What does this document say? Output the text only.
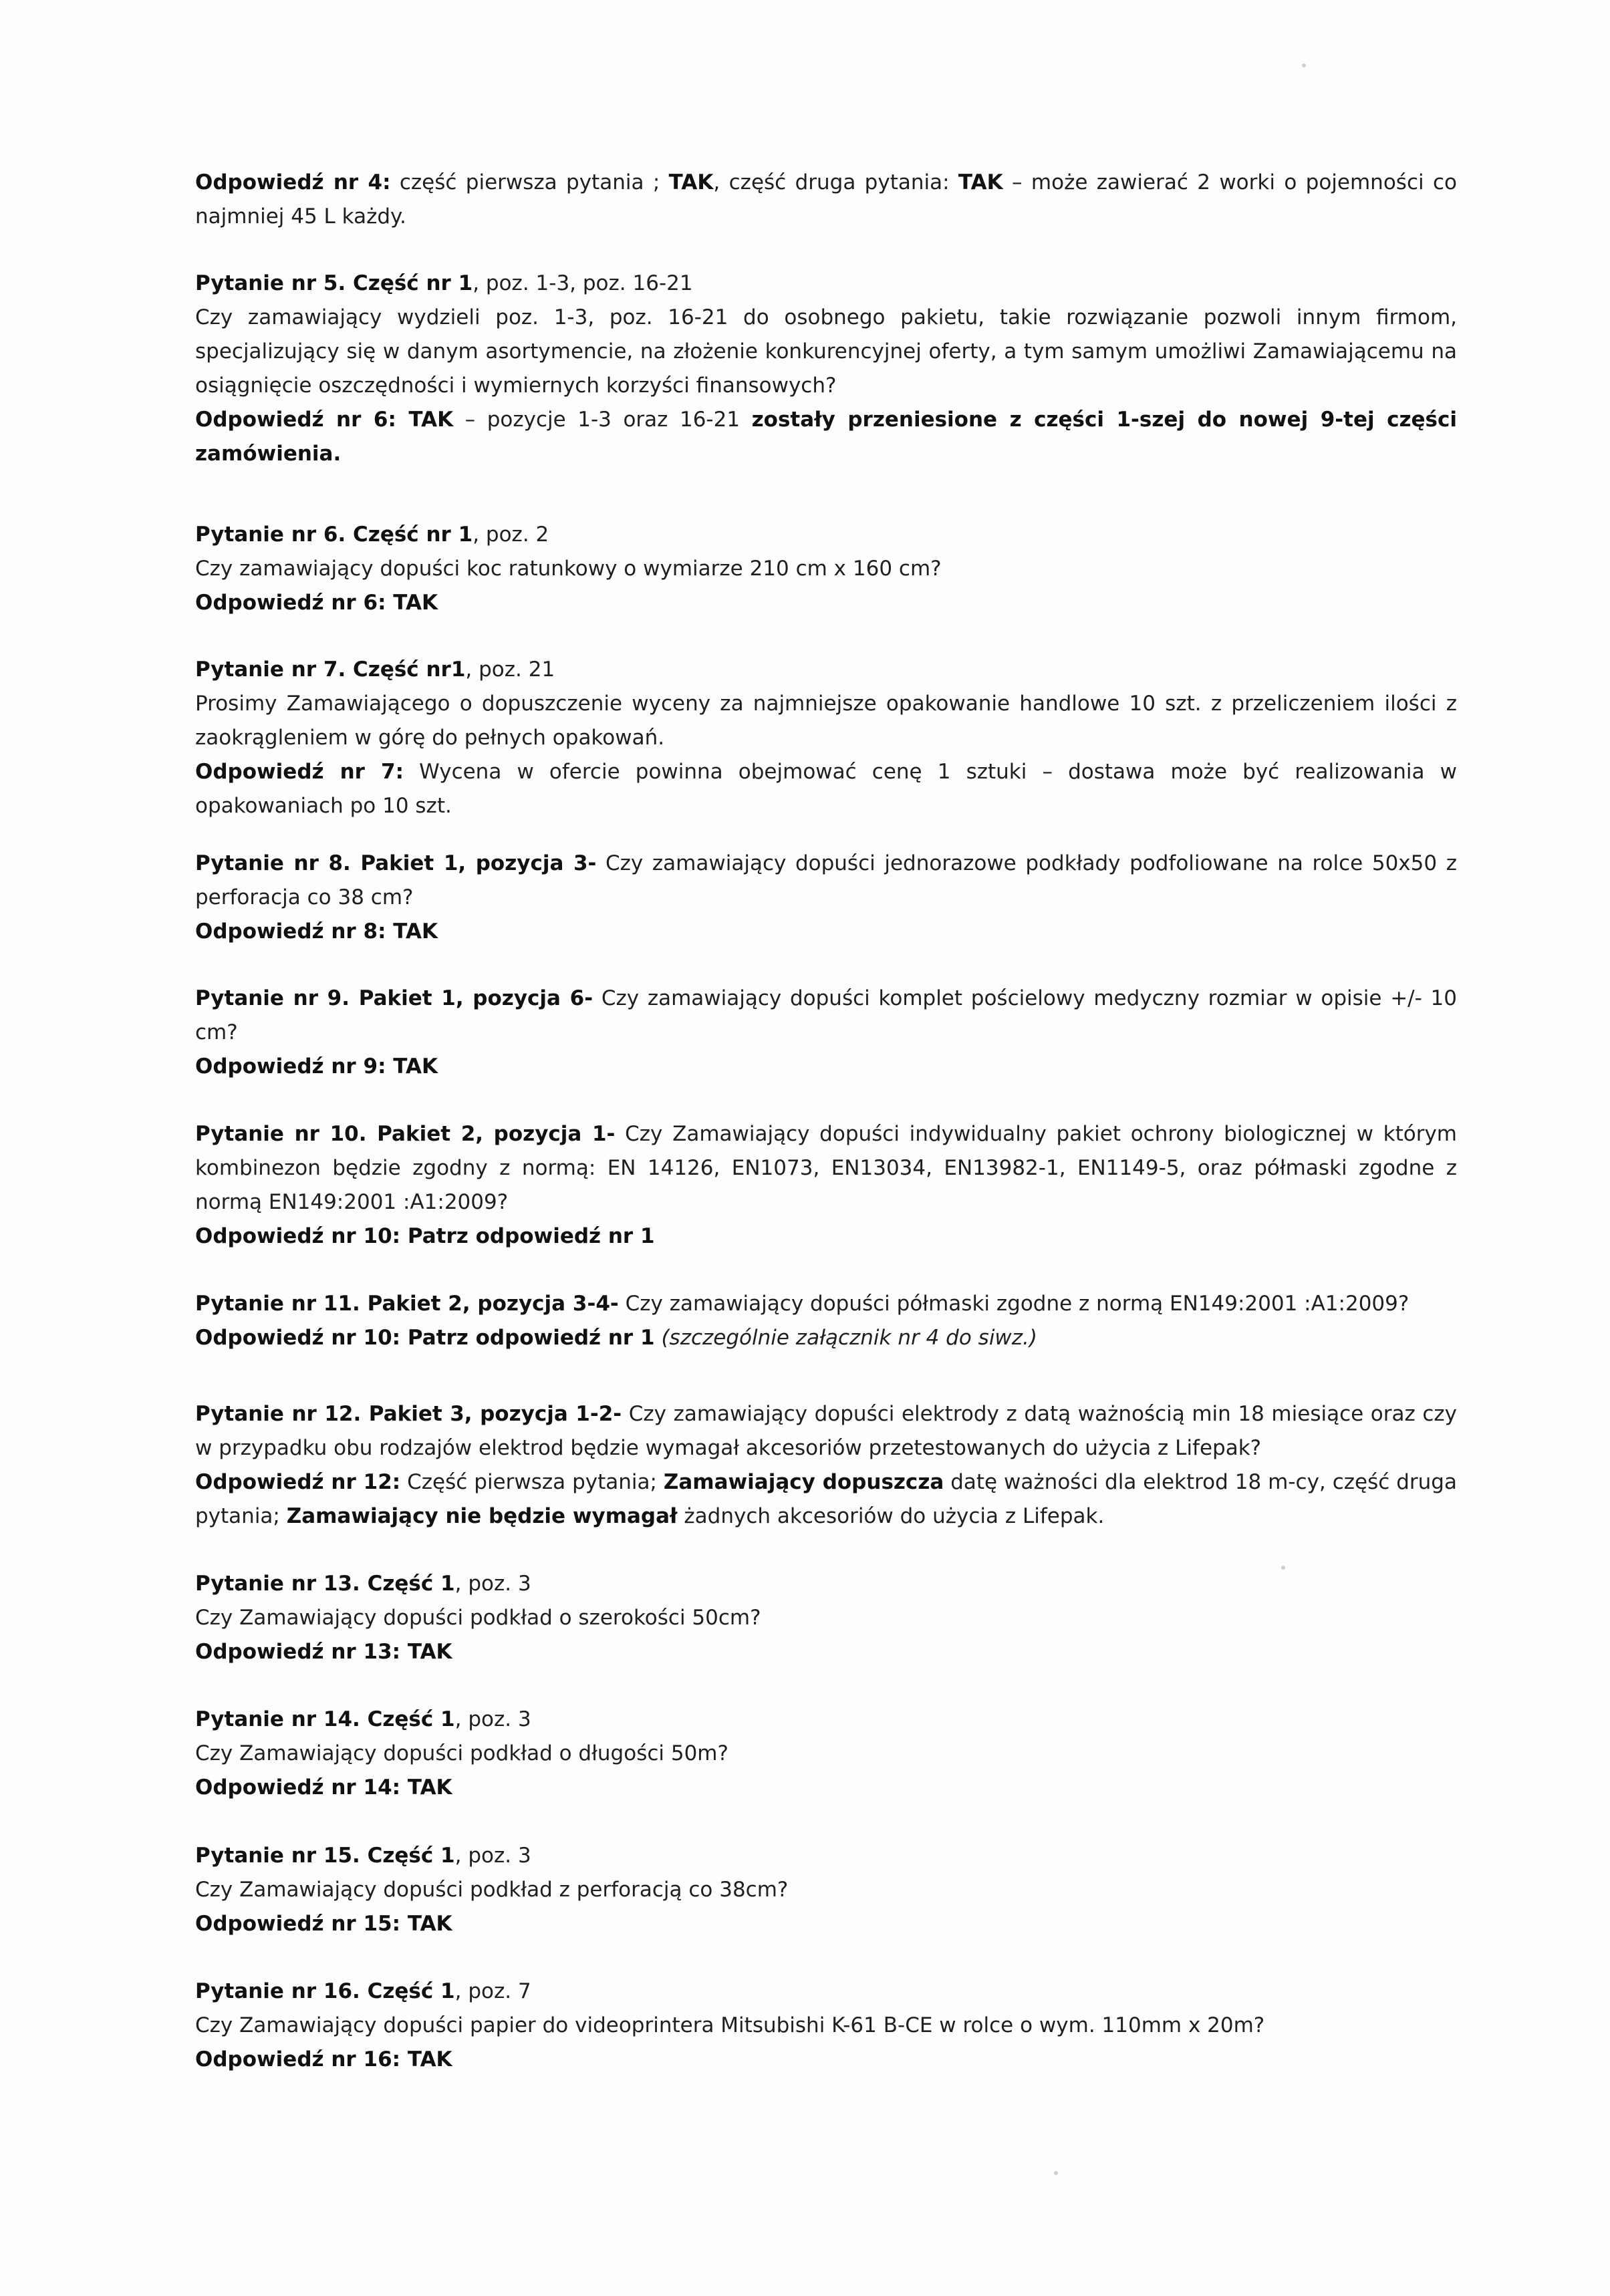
Odpowiedź nr 4: część pierwsza pytania ; TAK, część druga pytania: TAK – może zawierać 2 worki o pojemności co najmniej 45 L każdy.

Pytanie nr 5. Część nr 1, poz. 1-3, poz. 16-21

Czy zamawiający wydzieli poz. 1-3, poz. 16-21 do osobnego pakietu, takie rozwiązanie pozwoli innym firmom, specjalizujący się w danym asortymencie, na złożenie konkurencyjnej oferty, a tym samym umożliwi Zamawiającemu na osiągnięcie oszczędności i wymiernych korzyści finansowych?

Odpowiedź nr 6: TAK – pozycje 1-3 oraz 16-21 zostały przeniesione z części 1-szej do nowej 9-tej części zamówienia.

Pytanie nr 6. Część nr 1, poz. 2

Czy zamawiający dopuści koc ratunkowy o wymiarze 210 cm x 160 cm?

Odpowiedź nr 6: TAK

Pytanie nr 7. Część nr1, poz. 21

Prosimy Zamawiającego o dopuszczenie wyceny za najmniejsze opakowanie handlowe 10 szt. z przeliczeniem ilości z zaokrągleniem w górę do pełnych opakowań.

Odpowiedź nr 7: Wycena w ofercie powinna obejmować cenę 1 sztuki – dostawa może być realizowania w opakowaniach po 10 szt.

Pytanie nr 8. Pakiet 1, pozycja 3- Czy zamawiający dopuści jednorazowe podkłady podfoliowane na rolce 50x50 z perforacja co 38 cm?

Odpowiedź nr 8: TAK

Pytanie nr 9. Pakiet 1, pozycja 6- Czy zamawiający dopuści komplet pościelowy medyczny rozmiar w opisie +/- 10 cm?

Odpowiedź nr 9: TAK

Pytanie nr 10. Pakiet 2, pozycja 1- Czy Zamawiający dopuści indywidualny pakiet ochrony biologicznej w którym kombinezon będzie zgodny z normą: EN 14126, EN1073, EN13034, EN13982-1, EN1149-5, oraz półmaski zgodne z normą EN149:2001 :A1:2009?

Odpowiedź nr 10: Patrz odpowiedź nr 1

Pytanie nr 11. Pakiet 2, pozycja 3-4- Czy zamawiający dopuści półmaski zgodne z normą EN149:2001 :A1:2009?

Odpowiedź nr 10: Patrz odpowiedź nr 1 (szczególnie załącznik nr 4 do siwz.)

Pytanie nr 12. Pakiet 3, pozycja 1-2- Czy zamawiający dopuści elektrody z datą ważnością min 18 miesiące oraz czy w przypadku obu rodzajów elektrod będzie wymagał akcesoriów przetestowanych do użycia z Lifepak?

Odpowiedź nr 12: Część pierwsza pytania; Zamawiający dopuszcza datę ważności dla elektrod 18 m-cy, część druga pytania; Zamawiający nie będzie wymagał żadnych akcesoriów do użycia z Lifepak.

Pytanie nr 13. Część 1, poz. 3

Czy Zamawiający dopuści podkład o szerokości 50cm?

Odpowiedź nr 13: TAK

Pytanie nr 14. Część 1, poz. 3

Czy Zamawiający dopuści podkład o długości 50m?

Odpowiedź nr 14: TAK

Pytanie nr 15. Część 1, poz. 3

Czy Zamawiający dopuści podkład z perforacją co 38cm?

Odpowiedź nr 15: TAK

Pytanie nr 16. Część 1, poz. 7

Czy Zamawiający dopuści papier do videoprintera Mitsubishi K-61 B-CE w rolce o wym. 110mm x 20m?

Odpowiedź nr 16: TAK
